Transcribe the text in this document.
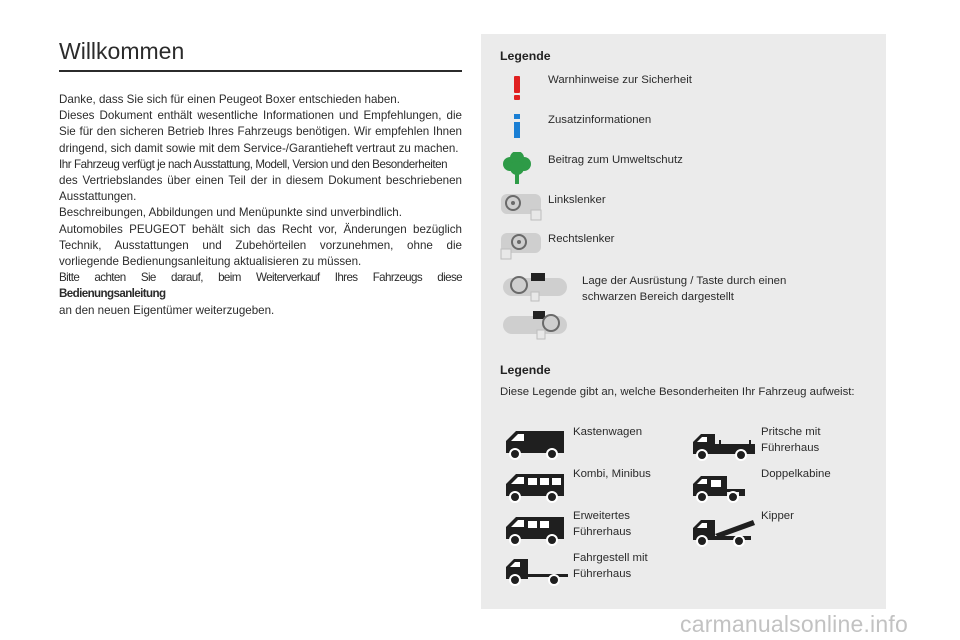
Willkommen

Danke, dass Sie sich für einen Peugeot Boxer entschieden haben.

Dieses Dokument enthält wesentliche Informationen und Empfehlungen, die Sie für den sicheren Betrieb Ihres Fahrzeugs benötigen. Wir empfehlen Ihnen dringend, sich damit sowie mit dem Service-/Garantieheft vertraut zu machen.

Ihr Fahrzeug verfügt je nach Ausstattung, Modell, Version und den Besonderheiten

des Vertriebslandes über einen Teil der in diesem Dokument beschriebenen Ausstattungen.

Beschreibungen, Abbildungen und Menüpunkte sind unverbindlich.

Automobiles PEUGEOT behält sich das Recht vor, Änderungen bezüglich Technik, Ausstattungen und Zubehörteilen vorzunehmen, ohne die vorliegende Bedienungsanleitung aktualisieren zu müssen.

Bitte achten Sie darauf, beim Weiterverkauf Ihres Fahrzeugs diese Bedienungsanleitung

an den neuen Eigentümer weiterzugeben.

Legende
Warnhinweise zur Sicherheit
Zusatzinformationen
Beitrag zum Umweltschutz
Linkslenker
Rechtslenker
Lage der Ausrüstung / Taste durch einen
schwarzen Bereich dargestellt
Legende
Diese Legende gibt an, welche Besonderheiten Ihr Fahrzeug aufweist:
Kastenwagen	Pritsche mit
Führerhaus
Kombi, Minibus	Doppelkabine
Erweitertes
Führerhaus
Kipper
Fahrgestell mit
Führerhaus
carmanualsonline.info
